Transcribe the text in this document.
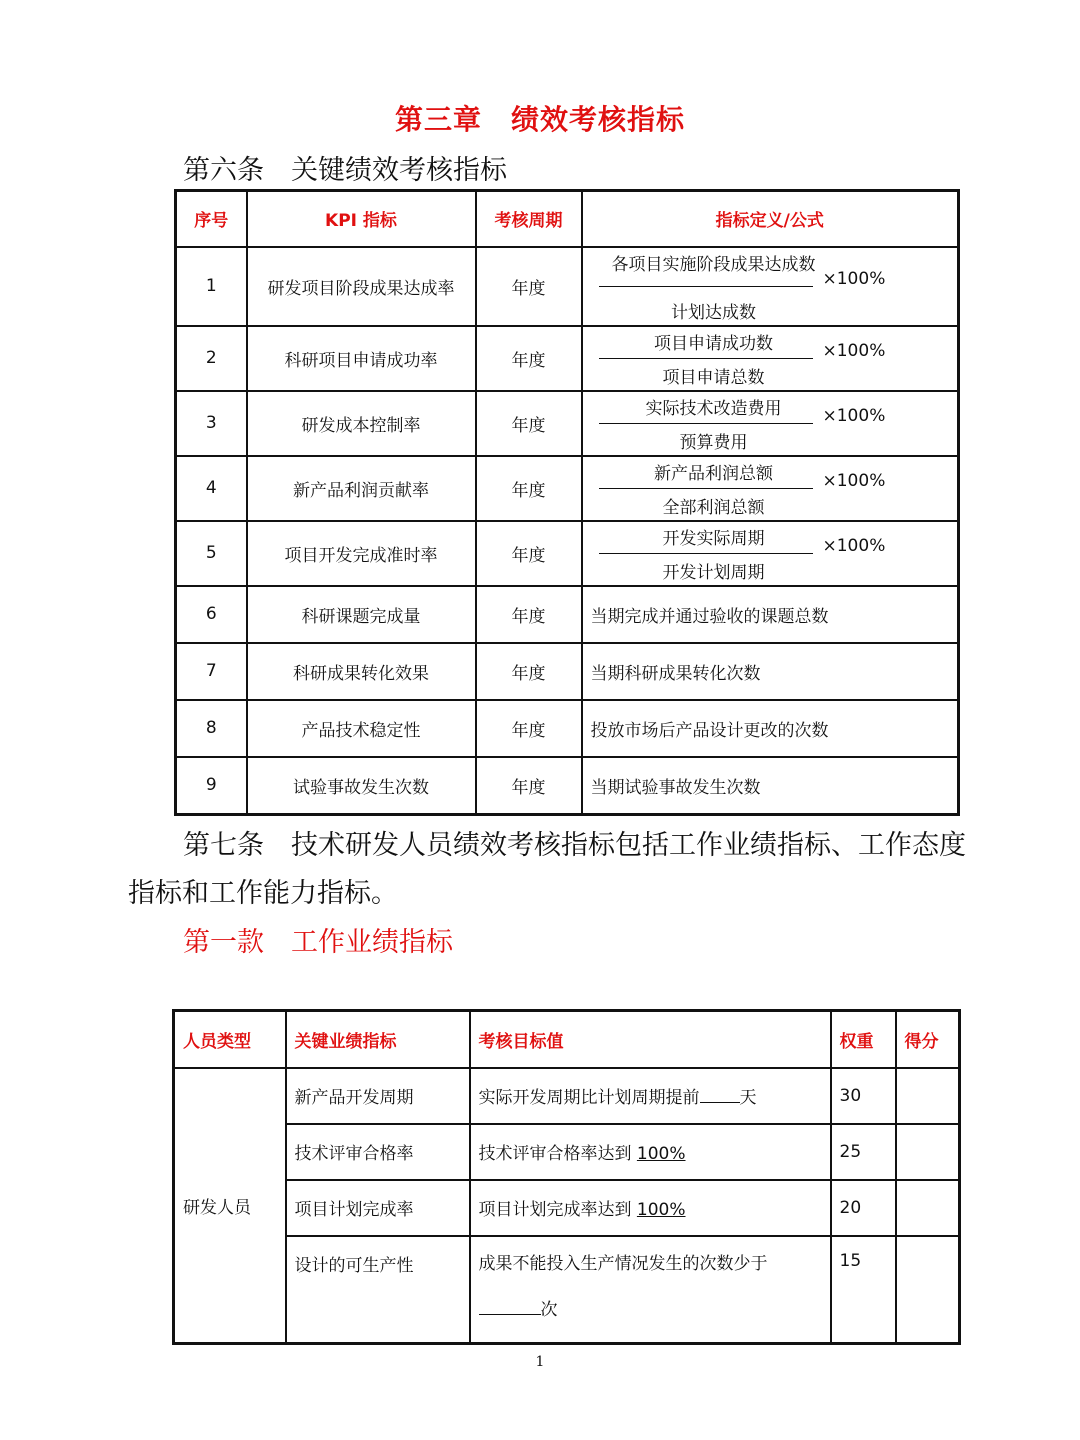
第三章　绩效考核指标
第六条　关键绩效考核指标
序号	KPI 指标	考核周期	指标定义/公式
1	研发项目阶段成果达成率	年度	各项目实施阶段成果达成数
×100%
计划达成数

2	科研项目申请成功率	年度	项目申请成功数 ×100%
项目申请总数

3	研发成本控制率	年度	实际技术改造费用 ×100%
预算费用

4	新产品利润贡献率	年度	新产品利润总额 ×100%
全部利润总额

5	项目开发完成准时率	年度	开发实际周期 ×100%
开发计划周期

6	科研课题完成量	年度	当期完成并通过验收的课题总数
7	科研成果转化效果	年度	当期科研成果转化次数
8	产品技术稳定性	年度	投放市场后产品设计更改的次数
9	试验事故发生次数	年度	当期试验事故发生次数
第七条　技术研发人员绩效考核指标包括工作业绩指标、工作态度指标和工作能力指标。
第一款　工作业绩指标
人员类型	关键业绩指标	考核目标值	权重	得分
研发人员	新产品开发周期	实际开发周期比计划周期提前 天	30	
	技术评审合格率	技术评审合格率达到 100%	25	
	项目计划完成率	项目计划完成率达到 100%	20	
	设计的可生产性	成果不能投入生产情况发生的次数少于
次	15	
1
